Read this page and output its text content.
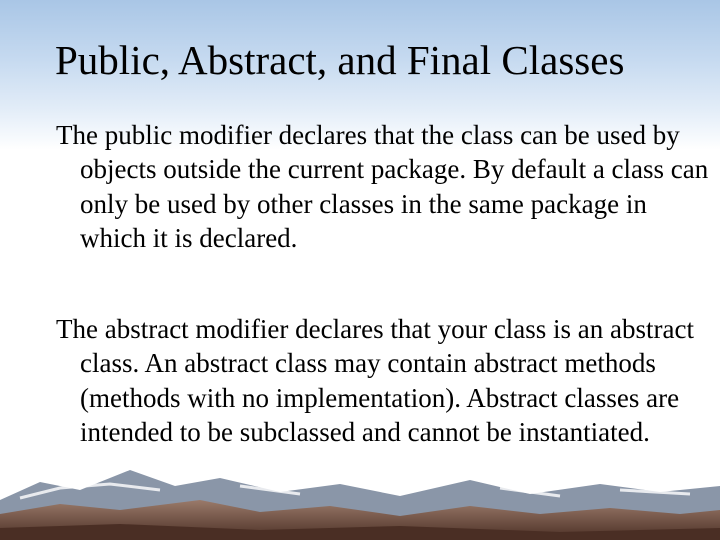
Public, Abstract, and Final Classes
The public modifier declares that the class can be used by objects outside the current package. By default a class can only be used by other classes in the same package in which it is declared.
The abstract modifier declares that your class is an abstract class. An abstract class may contain abstract methods (methods with no implementation). Abstract classes are intended to be subclassed and cannot be instantiated.
